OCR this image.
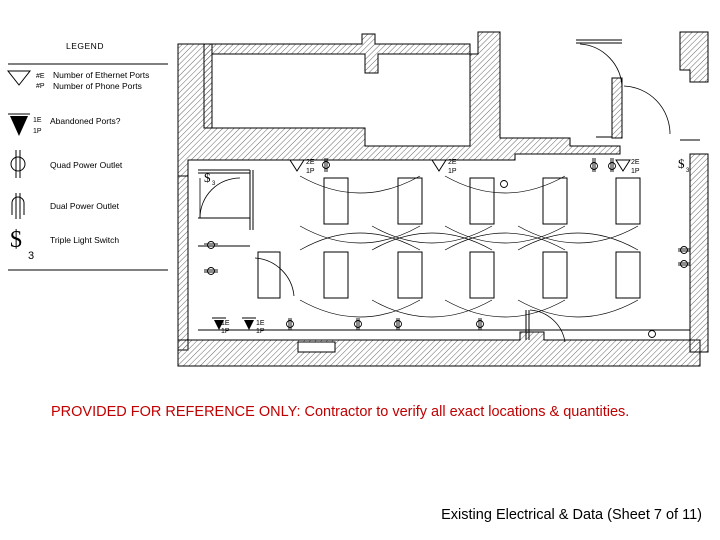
LEGEND
#E
#P
Number of Ethernet Ports
Number of Phone Ports
1E
1P
Abandoned Ports?
Quad Power Outlet
Dual Power Outlet
$
3
Triple Light Switch
2E
1P
2E
1P
2E
1P
1E
1P
1E
1P
$ 3
$ 3
PROVIDED FOR REFERENCE ONLY: Contractor to verify all exact locations & quantities.
Existing Electrical & Data (Sheet 7 of 11)
